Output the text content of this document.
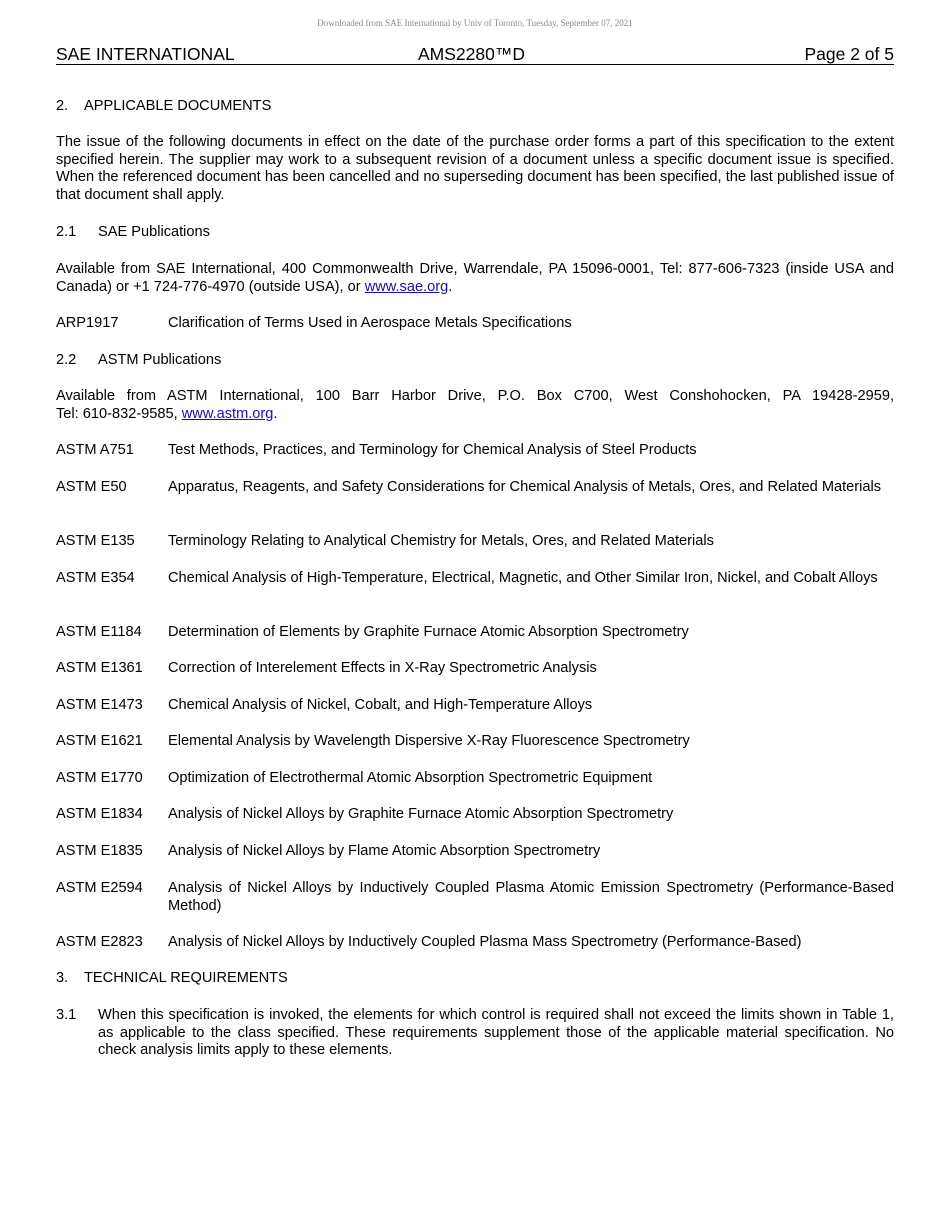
Downloaded from SAE International by Univ of Toronto, Tuesday, September 07, 2021
SAE INTERNATIONAL	AMS2280™D	Page 2 of 5
2. APPLICABLE DOCUMENTS
The issue of the following documents in effect on the date of the purchase order forms a part of this specification to the extent specified herein. The supplier may work to a subsequent revision of a document unless a specific document issue is specified. When the referenced document has been cancelled and no superseding document has been specified, the last published issue of that document shall apply.
2.1 SAE Publications
Available from SAE International, 400 Commonwealth Drive, Warrendale, PA 15096-0001, Tel: 877-606-7323 (inside USA and Canada) or +1 724-776-4970 (outside USA), or www.sae.org.
ARP1917	Clarification of Terms Used in Aerospace Metals Specifications
2.2 ASTM Publications
Available from ASTM International, 100 Barr Harbor Drive, P.O. Box C700, West Conshohocken, PA 19428-2959,
Tel: 610-832-9585, www.astm.org.
ASTM A751	Test Methods, Practices, and Terminology for Chemical Analysis of Steel Products
ASTM E50	Apparatus, Reagents, and Safety Considerations for Chemical Analysis of Metals, Ores, and Related Materials
ASTM E135	Terminology Relating to Analytical Chemistry for Metals, Ores, and Related Materials
ASTM E354	Chemical Analysis of High-Temperature, Electrical, Magnetic, and Other Similar Iron, Nickel, and Cobalt Alloys
ASTM E1184	Determination of Elements by Graphite Furnace Atomic Absorption Spectrometry
ASTM E1361	Correction of Interelement Effects in X-Ray Spectrometric Analysis
ASTM E1473	Chemical Analysis of Nickel, Cobalt, and High-Temperature Alloys
ASTM E1621	Elemental Analysis by Wavelength Dispersive X-Ray Fluorescence Spectrometry
ASTM E1770	Optimization of Electrothermal Atomic Absorption Spectrometric Equipment
ASTM E1834	Analysis of Nickel Alloys by Graphite Furnace Atomic Absorption Spectrometry
ASTM E1835	Analysis of Nickel Alloys by Flame Atomic Absorption Spectrometry
ASTM E2594	Analysis of Nickel Alloys by Inductively Coupled Plasma Atomic Emission Spectrometry (Performance-Based Method)
ASTM E2823	Analysis of Nickel Alloys by Inductively Coupled Plasma Mass Spectrometry (Performance-Based)
3. TECHNICAL REQUIREMENTS
3.1 When this specification is invoked, the elements for which control is required shall not exceed the limits shown in Table 1, as applicable to the class specified. These requirements supplement those of the applicable material specification. No check analysis limits apply to these elements.
